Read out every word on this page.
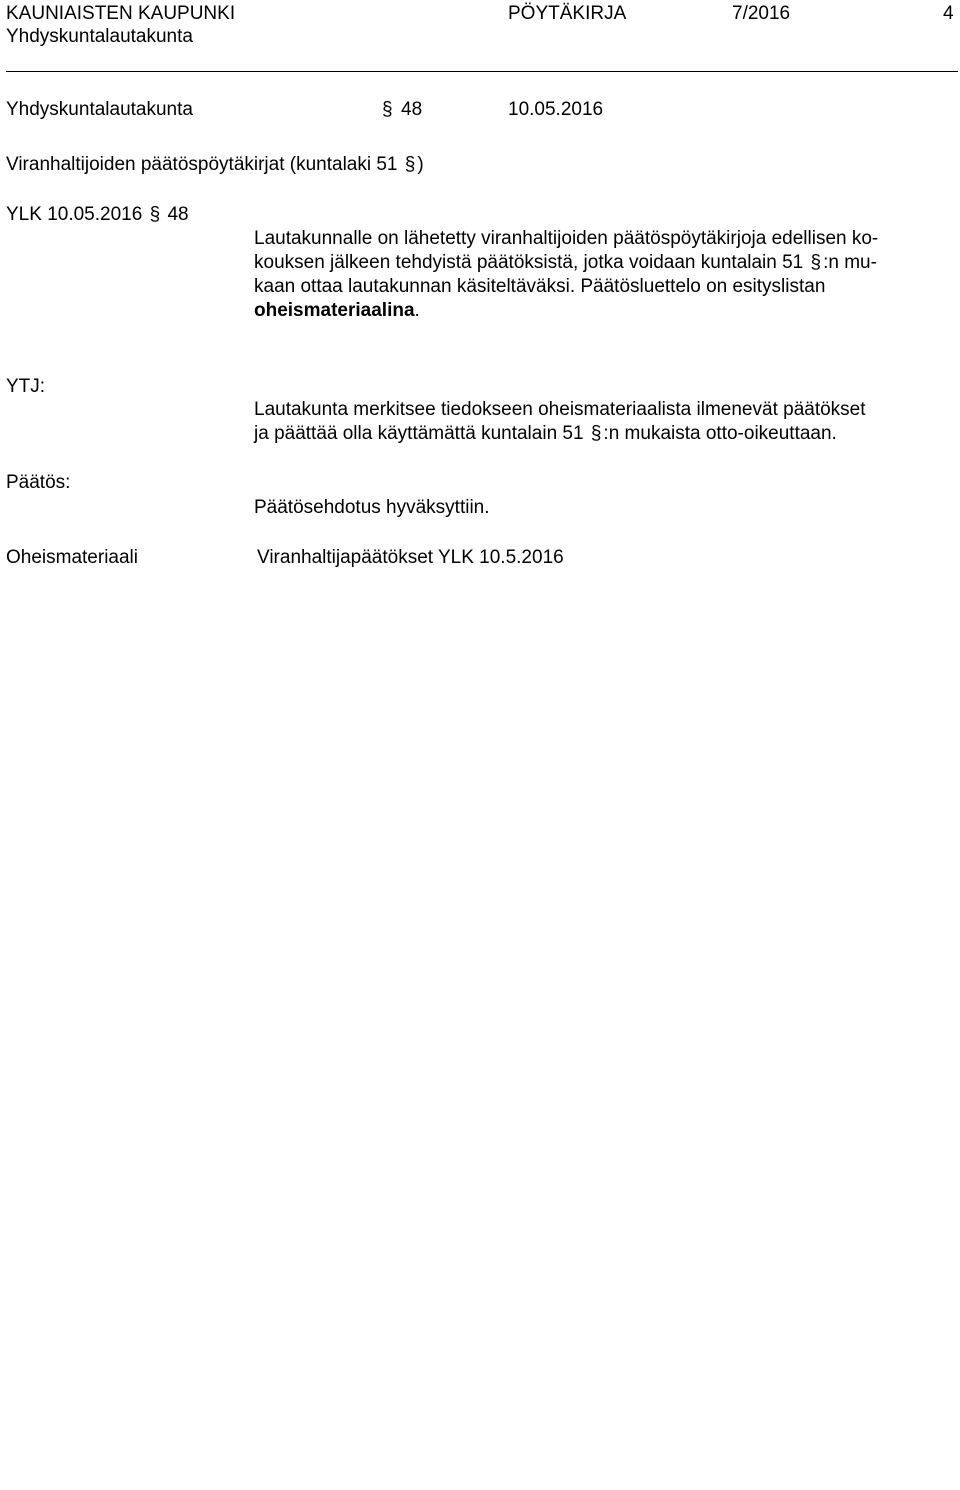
KAUNIAISTEN KAUPUNKI
Yhdyskuntalautakunta
PÖYTÄKIRJA	7/2016	4
Yhdyskuntalautakunta	§ 48	10.05.2016
Viranhaltijoiden päätöspöytäkirjat (kuntalaki 51 § )
YLK 10.05.2016 § 48
Lautakunnalle on lähetetty viranhaltijoiden päätöspöytäkirjoja edellisen ko-
kouksen jälkeen tehdyistä päätöksistä, jotka voidaan kuntalain 51 § :n mu-
kaan ottaa lautakunnan käsiteltäväksi. Päätösluettelo on esityslistan
oheismateriaalina.
YTJ:
Lautakunta merkitsee tiedokseen oheismateriaalista ilmenevät päätökset
ja päättää olla käyttämättä kuntalain 51 § :n mukaista otto-oikeuttaan.
Päätös:
Päätösehdotus hyväksyttiin.
Oheismateriaali	Viranhaltijapäätökset YLK 10.5.2016
